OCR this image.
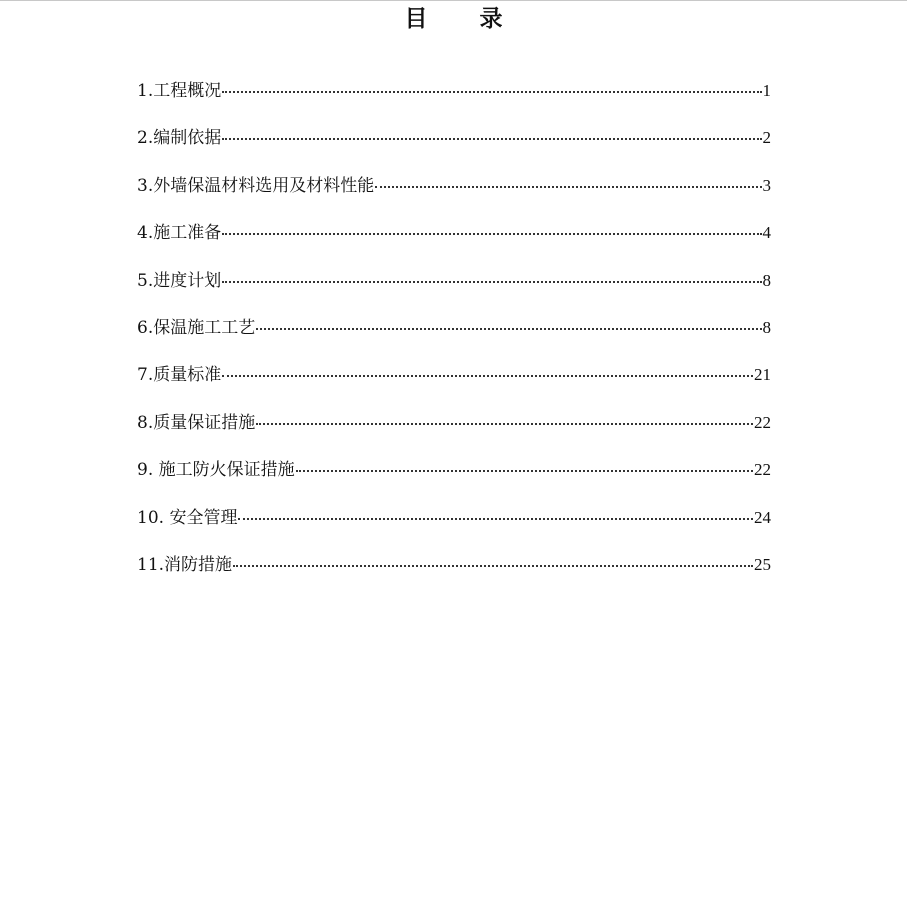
目 录
1.工程概况	1
2.编制依据	2
3.外墙保温材料选用及材料性能	3
4.施工准备	4
5.进度计划	8
6.保温施工工艺	8
7.质量标准	21
8.质量保证措施	22
9. 施工防火保证措施	22
10. 安全管理	24
11.消防措施	25
